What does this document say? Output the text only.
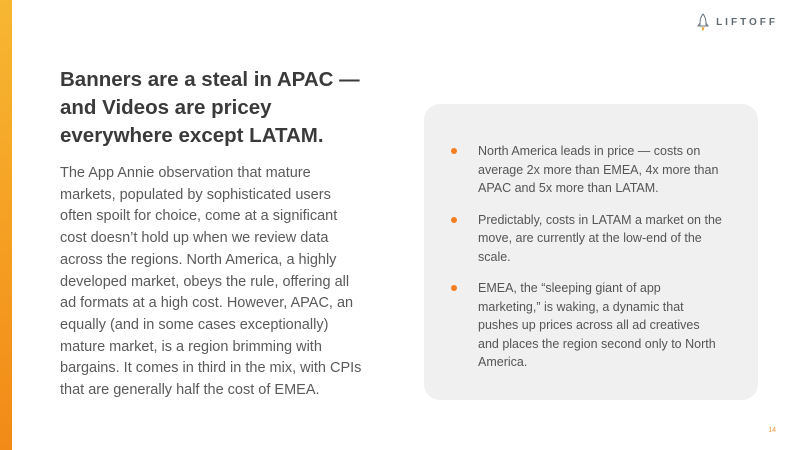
LIFTOFF
Banners are a steal in APAC —
and Videos are pricey
everywhere except LATAM.
The App Annie observation that mature
markets, populated by sophisticated users
often spoilt for choice, come at a significant
cost doesn’t hold up when we review data
across the regions. North America, a highly
developed market, obeys the rule, offering all
ad formats at a high cost. However, APAC, an
equally (and in some cases exceptionally)
mature market, is a region brimming with
bargains. It comes in third in the mix, with CPIs
that are generally half the cost of EMEA.
North America leads in price — costs on
average 2x more than EMEA, 4x more than
APAC and 5x more than LATAM.
Predictably, costs in LATAM a market on the
move, are currently at the low-end of the
scale.
EMEA, the “sleeping giant of app
marketing,” is waking, a dynamic that
pushes up prices across all ad creatives
and places the region second only to North
America.
14
